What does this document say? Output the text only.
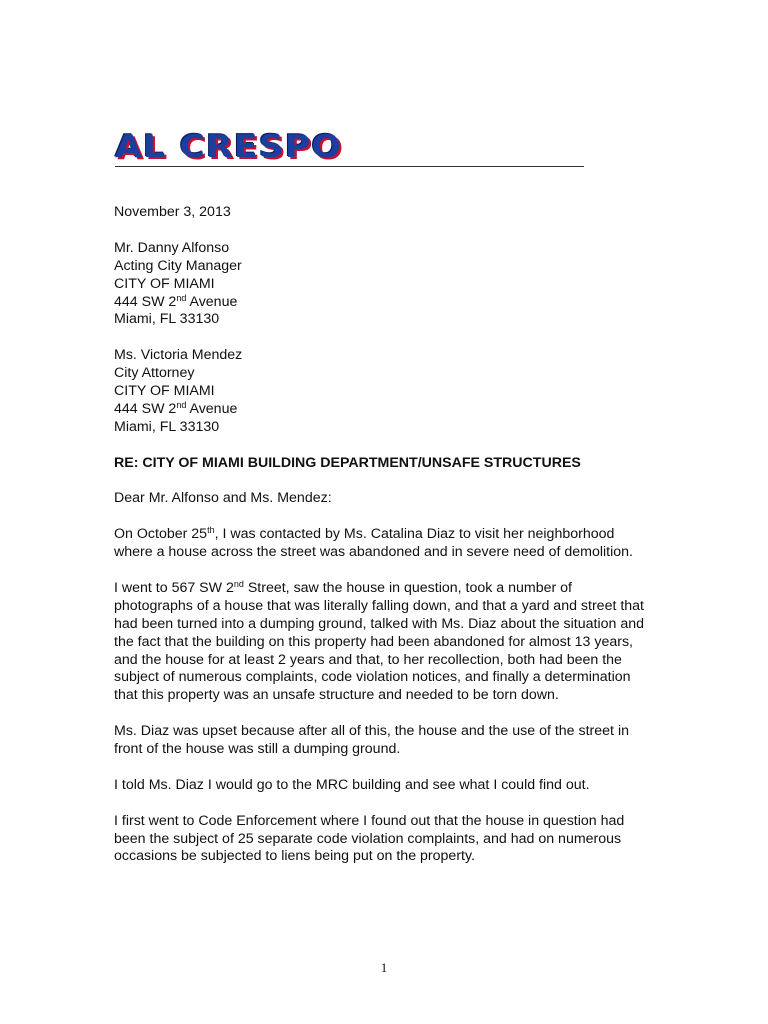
AL CRESPO

November 3, 2013

Mr. Danny Alfonso
Acting City Manager
CITY OF MIAMI
444 SW 2nd Avenue
Miami, FL 33130

Ms. Victoria Mendez
City Attorney
CITY OF MIAMI
444 SW 2nd Avenue
Miami, FL 33130

RE: CITY OF MIAMI BUILDING DEPARTMENT/UNSAFE STRUCTURES

Dear Mr. Alfonso and Ms. Mendez:

On October 25th, I was contacted by Ms. Catalina Diaz to visit her neighborhood where a house across the street was abandoned and in severe need of demolition.

I went to 567 SW 2nd Street, saw the house in question, took a number of photographs of a house that was literally falling down, and that a yard and street that had been turned into a dumping ground, talked with Ms. Diaz about the situation and the fact that the building on this property had been abandoned for almost 13 years, and the house for at least 2 years and that, to her recollection, both had been the subject of numerous complaints, code violation notices, and finally a determination that this property was an unsafe structure and needed to be torn down.

Ms. Diaz was upset because after all of this, the house and the use of the street in front of the house was still a dumping ground.

I told Ms. Diaz I would go to the MRC building and see what I could find out.

I first went to Code Enforcement where I found out that the house in question had been the subject of 25 separate code violation complaints, and had on numerous occasions be subjected to liens being put on the property.

1
